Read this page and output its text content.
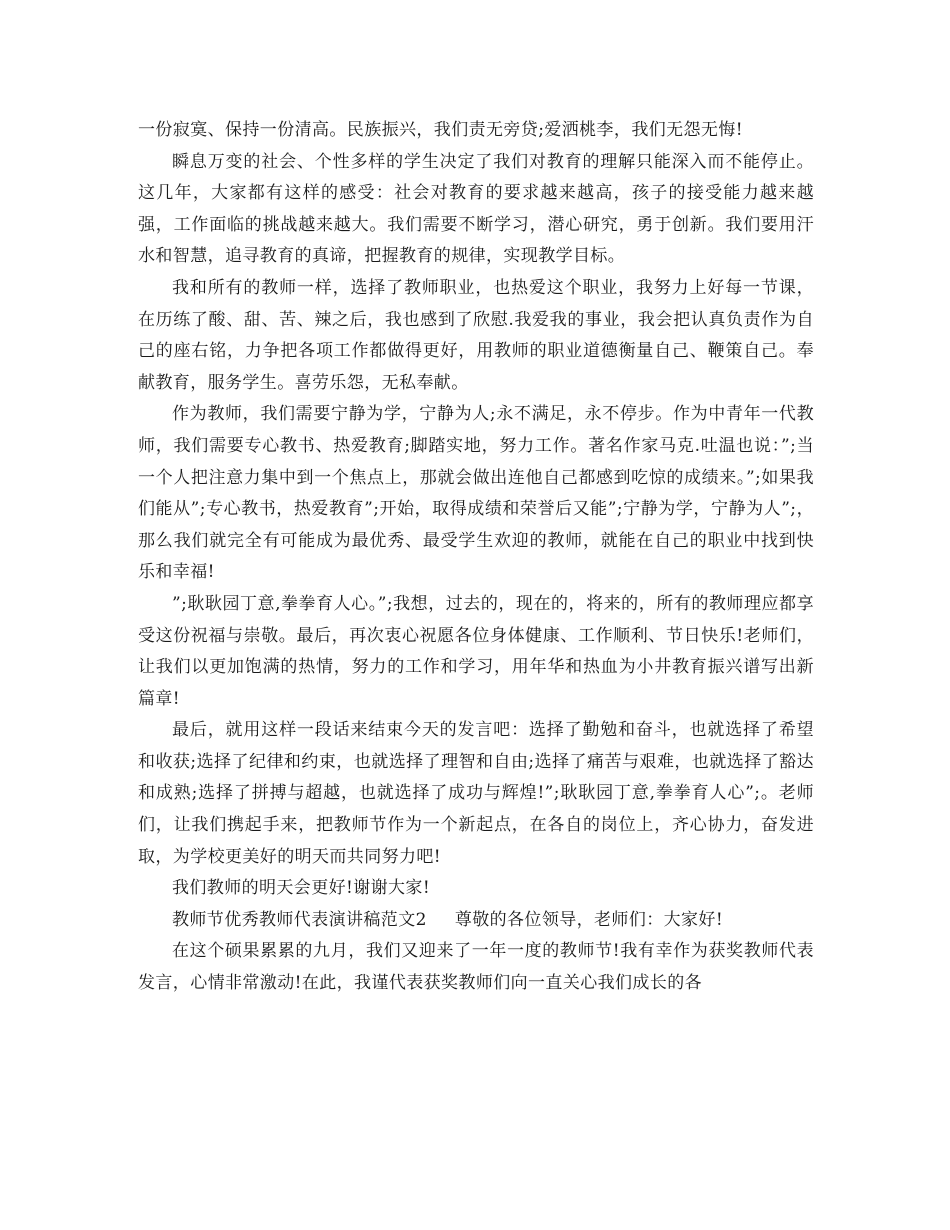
一份寂寞、保持一份清高。民族振兴，我们责无旁贷;爱洒桃李，我们无怨无悔!

瞬息万变的社会、个性多样的学生决定了我们对教育的理解只能深入而不能停止。这几年，大家都有这样的感受：社会对教育的要求越来越高，孩子的接受能力越来越强，工作面临的挑战越来越大。我们需要不断学习，潜心研究，勇于创新。我们要用汗水和智慧，追寻教育的真谛，把握教育的规律，实现教学目标。

我和所有的教师一样，选择了教师职业，也热爱这个职业，我努力上好每一节课，在历练了酸、甜、苦、辣之后，我也感到了欣慰.我爱我的事业，我会把认真负责作为自己的座右铭，力争把各项工作都做得更好，用教师的职业道德衡量自己、鞭策自己。奉献教育，服务学生。喜劳乐怨，无私奉献。

作为教师，我们需要宁静为学，宁静为人;永不满足，永不停步。作为中青年一代教师，我们需要专心教书、热爱教育;脚踏实地，努力工作。著名作家马克.吐温也说：”;当一个人把注意力集中到一个焦点上，那就会做出连他自己都感到吃惊的成绩来。”;如果我们能从”;专心教书，热爱教育”;开始，取得成绩和荣誉后又能”;宁静为学，宁静为人”;，那么我们就完全有可能成为最优秀、最受学生欢迎的教师，就能在自己的职业中找到快乐和幸福!

”;耿耿园丁意,拳拳育人心。”;我想，过去的，现在的，将来的，所有的教师理应都享受这份祝福与崇敬。最后，再次衷心祝愿各位身体健康、工作顺利、节日快乐!老师们，让我们以更加饱满的热情，努力的工作和学习，用年华和热血为小井教育振兴谱写出新篇章!

最后，就用这样一段话来结束今天的发言吧：选择了勤勉和奋斗，也就选择了希望和收获;选择了纪律和约束，也就选择了理智和自由;选择了痛苦与艰难，也就选择了豁达和成熟;选择了拼搏与超越，也就选择了成功与辉煌!”;耿耿园丁意,拳拳育人心”;。老师们，让我们携起手来，把教师节作为一个新起点，在各自的岗位上，齐心协力，奋发进取，为学校更美好的明天而共同努力吧!

我们教师的明天会更好!谢谢大家!

教师节优秀教师代表演讲稿范文2 尊敬的各位领导，老师们：大家好!

在这个硕果累累的九月，我们又迎来了一年一度的教师节!我有幸作为获奖教师代表发言，心情非常激动!在此，我谨代表获奖教师们向一直关心我们成长的各
